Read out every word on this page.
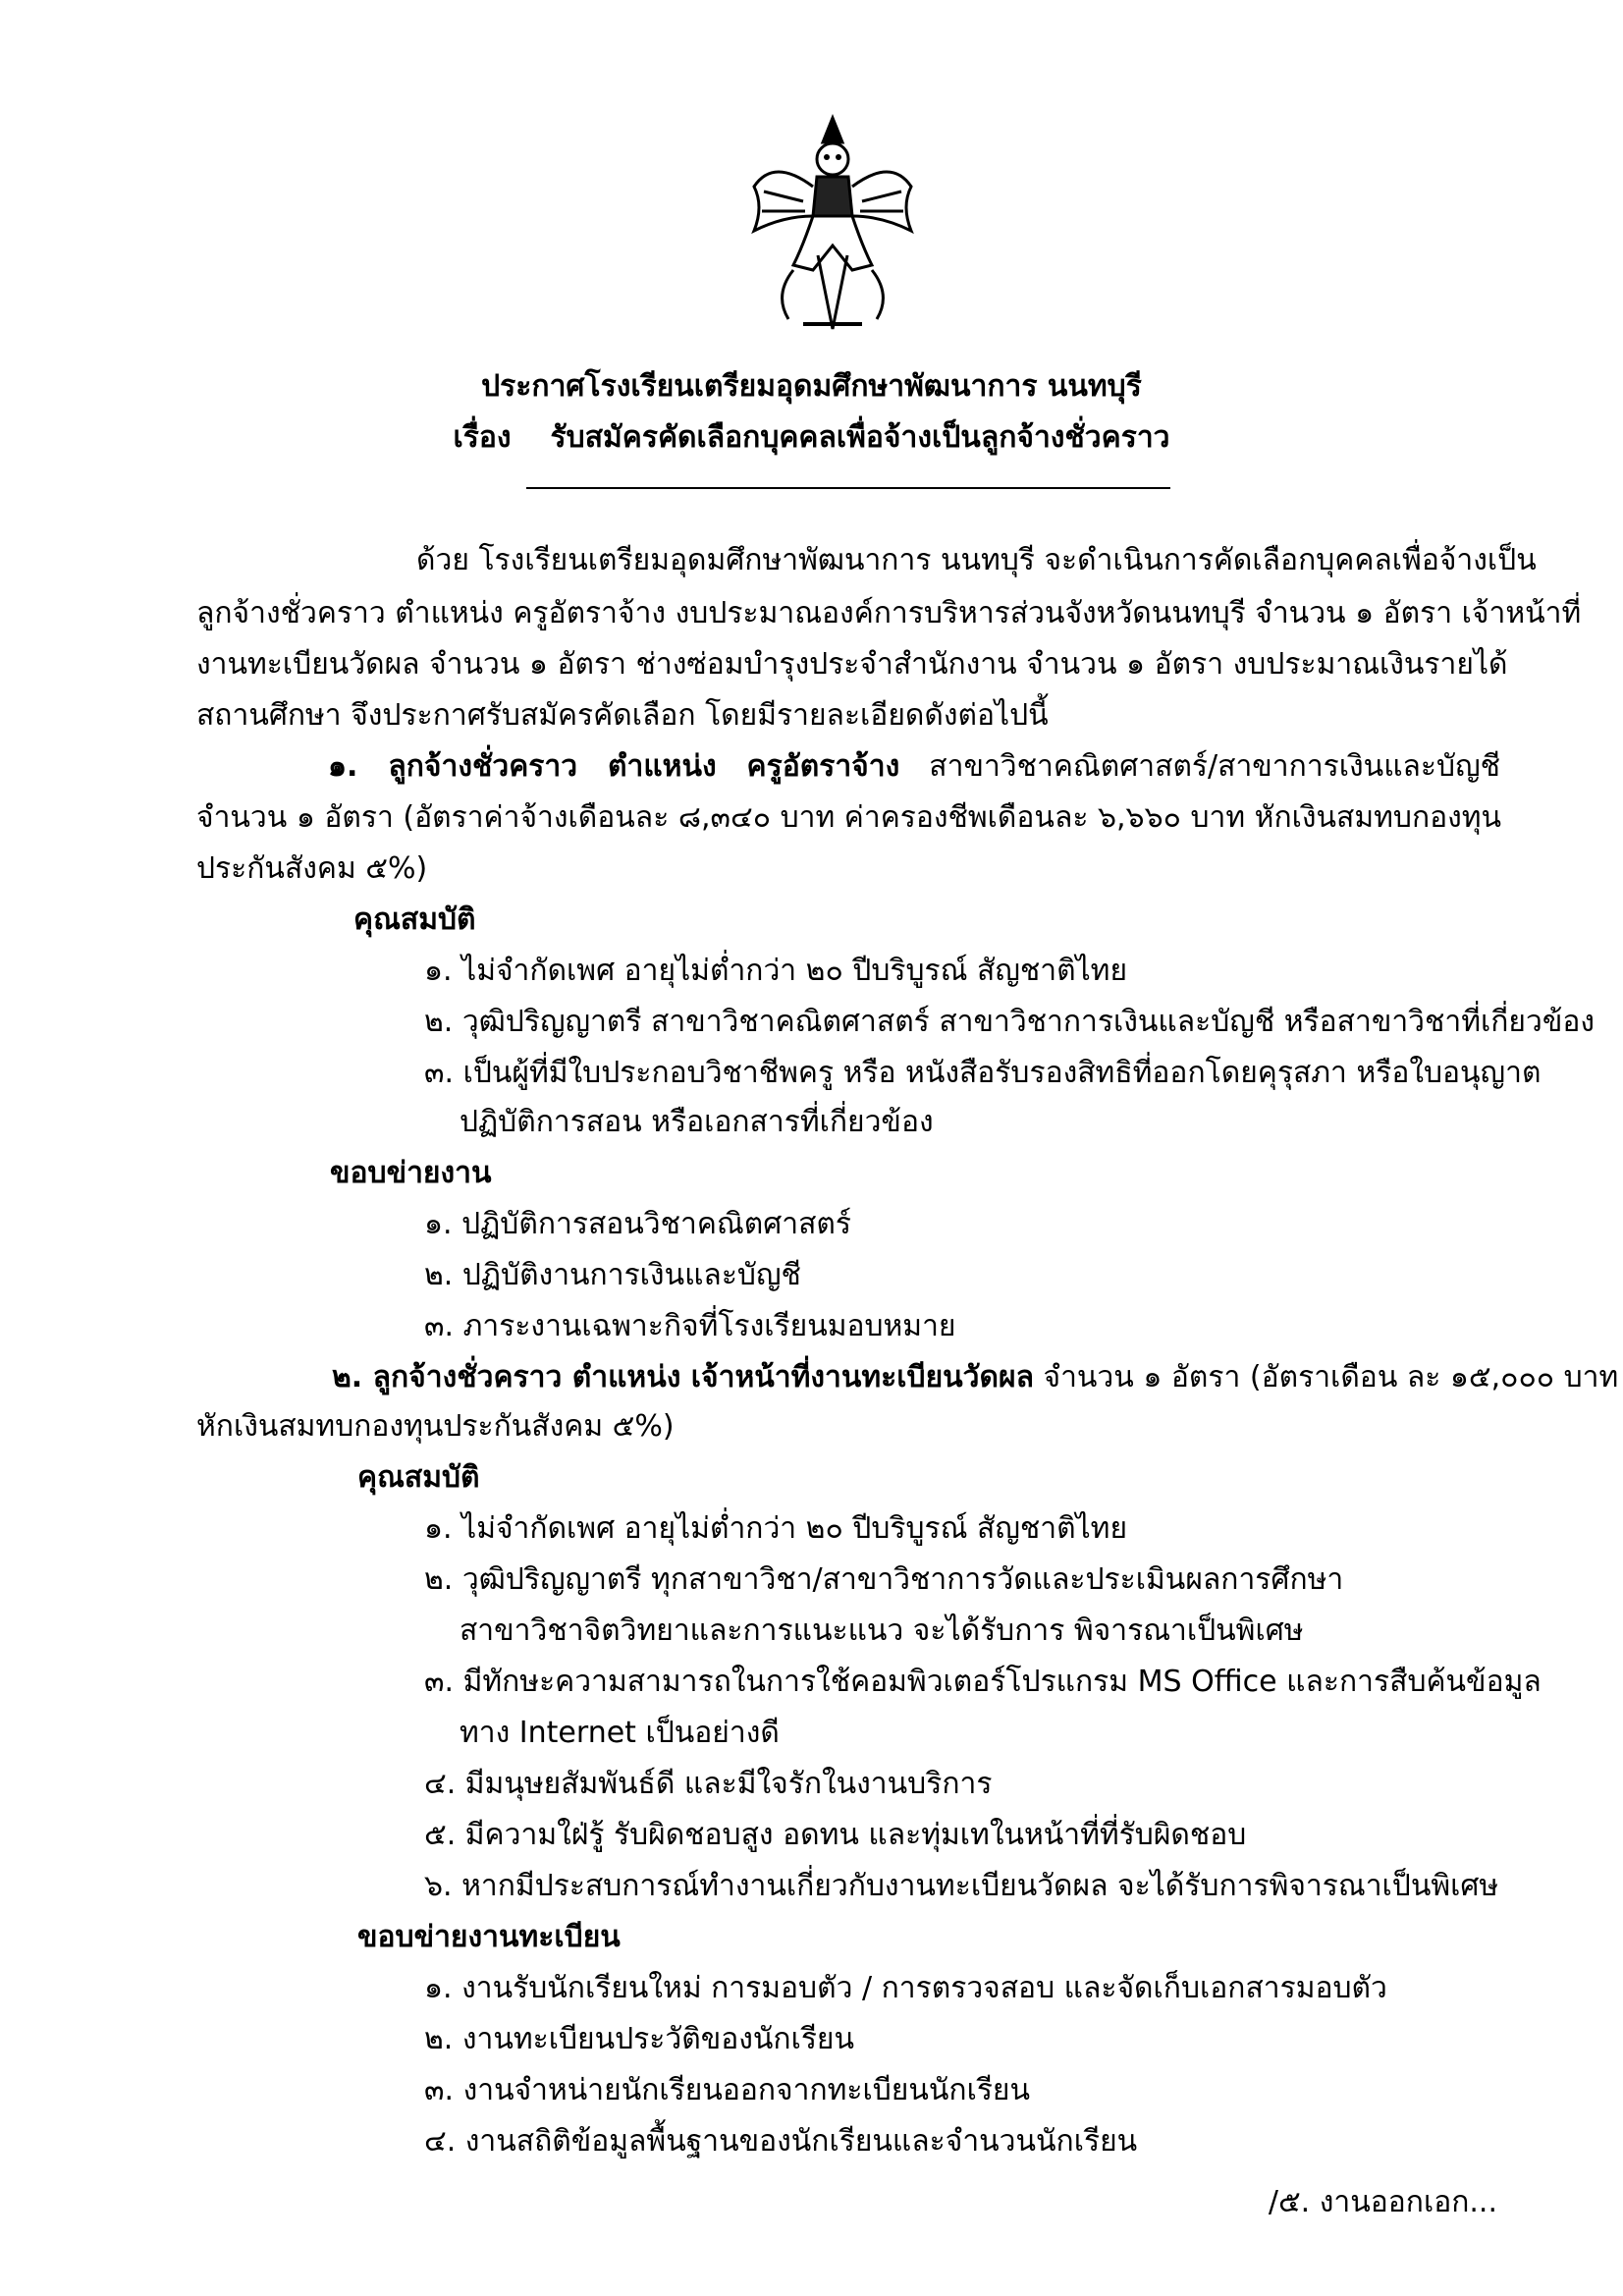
ประกาศโรงเรียนเตรียมอุดมศึกษาพัฒนาการ นนทบุรี
เรื่อง รับสมัครคัดเลือกบุคคลเพื่อจ้างเป็นลูกจ้างชั่วคราว
ด้วย โรงเรียนเตรียมอุดมศึกษาพัฒนาการ นนทบุรี จะดำเนินการคัดเลือกบุคคลเพื่อจ้างเป็น
ลูกจ้างชั่วคราว ตำแหน่ง ครูอัตราจ้าง งบประมาณองค์การบริหารส่วนจังหวัดนนทบุรี จำนวน ๑ อัตรา เจ้าหน้าที่
งานทะเบียนวัดผล จำนวน ๑ อัตรา ช่างซ่อมบำรุงประจำสำนักงาน จำนวน ๑ อัตรา งบประมาณเงินรายได้
สถานศึกษา จึงประกาศรับสมัครคัดเลือก โดยมีรายละเอียดดังต่อไปนี้
๑. ลูกจ้างชั่วคราว ตำแหน่ง ครูอัตราจ้าง สาขาวิชาคณิตศาสตร์/สาขาการเงินและบัญชี
จำนวน ๑ อัตรา (อัตราค่าจ้างเดือนละ ๘,๓๔๐ บาท ค่าครองชีพเดือนละ ๖,๖๖๐ บาท หักเงินสมทบกองทุน
ประกันสังคม ๕%)
คุณสมบัติ
๑. ไม่จำกัดเพศ อายุไม่ต่ำกว่า ๒๐ ปีบริบูรณ์ สัญชาติไทย
๒. วุฒิปริญญาตรี สาขาวิชาคณิตศาสตร์ สาขาวิชาการเงินและบัญชี หรือสาขาวิชาที่เกี่ยวข้อง
๓. เป็นผู้ที่มีใบประกอบวิชาชีพครู หรือ หนังสือรับรองสิทธิที่ออกโดยคุรุสภา หรือใบอนุญาต
ปฏิบัติการสอน หรือเอกสารที่เกี่ยวข้อง
ขอบข่ายงาน
๑. ปฏิบัติการสอนวิชาคณิตศาสตร์
๒. ปฏิบัติงานการเงินและบัญชี
๓. ภาระงานเฉพาะกิจที่โรงเรียนมอบหมาย
๒. ลูกจ้างชั่วคราว ตำแหน่ง เจ้าหน้าที่งานทะเบียนวัดผล จำนวน ๑ อัตรา (อัตราเดือน ละ ๑๕,๐๐๐ บาท
หักเงินสมทบกองทุนประกันสังคม ๕%)
คุณสมบัติ
๑. ไม่จำกัดเพศ อายุไม่ต่ำกว่า ๒๐ ปีบริบูรณ์ สัญชาติไทย
๒. วุฒิปริญญาตรี ทุกสาขาวิชา/สาขาวิชาการวัดและประเมินผลการศึกษา
สาขาวิชาจิตวิทยาและการแนะแนว จะได้รับการ พิจารณาเป็นพิเศษ
๓. มีทักษะความสามารถในการใช้คอมพิวเตอร์โปรแกรม MS Office และการสืบค้นข้อมูล
ทาง Internet เป็นอย่างดี
๔. มีมนุษยสัมพันธ์ดี และมีใจรักในงานบริการ
๕. มีความใฝ่รู้ รับผิดชอบสูง อดทน และทุ่มเทในหน้าที่ที่รับผิดชอบ
๖. หากมีประสบการณ์ทำงานเกี่ยวกับงานทะเบียนวัดผล จะได้รับการพิจารณาเป็นพิเศษ
ขอบข่ายงานทะเบียน
๑. งานรับนักเรียนใหม่ การมอบตัว / การตรวจสอบ และจัดเก็บเอกสารมอบตัว
๒. งานทะเบียนประวัติของนักเรียน
๓. งานจำหน่ายนักเรียนออกจากทะเบียนนักเรียน
๔. งานสถิติข้อมูลพื้นฐานของนักเรียนและจำนวนนักเรียน
/๕. งานออกเอก...
